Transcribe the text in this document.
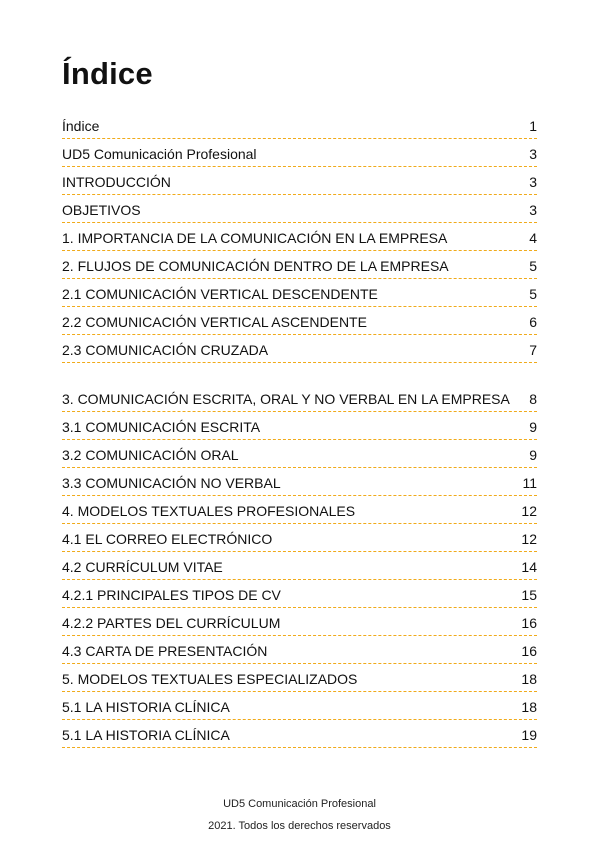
Índice
Índice	1
UD5 Comunicación Profesional	3
INTRODUCCIÓN	3
OBJETIVOS	3
1. IMPORTANCIA DE LA COMUNICACIÓN EN LA EMPRESA	4
2. FLUJOS DE COMUNICACIÓN DENTRO DE LA EMPRESA	5
2.1 COMUNICACIÓN VERTICAL DESCENDENTE	5
2.2 COMUNICACIÓN VERTICAL ASCENDENTE	6
2.3 COMUNICACIÓN CRUZADA	7
3. COMUNICACIÓN ESCRITA, ORAL Y NO VERBAL EN LA EMPRESA	8
3.1 COMUNICACIÓN ESCRITA	9
3.2 COMUNICACIÓN ORAL	9
3.3 COMUNICACIÓN NO VERBAL	11
4. MODELOS TEXTUALES PROFESIONALES	12
4.1 EL CORREO ELECTRÓNICO	12
4.2 CURRÍCULUM VITAE	14
4.2.1 PRINCIPALES TIPOS DE CV	15
4.2.2 PARTES DEL CURRÍCULUM	16
4.3 CARTA DE PRESENTACIÓN	16
5. MODELOS TEXTUALES ESPECIALIZADOS	18
5.1 LA HISTORIA CLÍNICA	18
5.1 LA HISTORIA CLÍNICA	19
UD5 Comunicación Profesional
2021. Todos los derechos reservados
